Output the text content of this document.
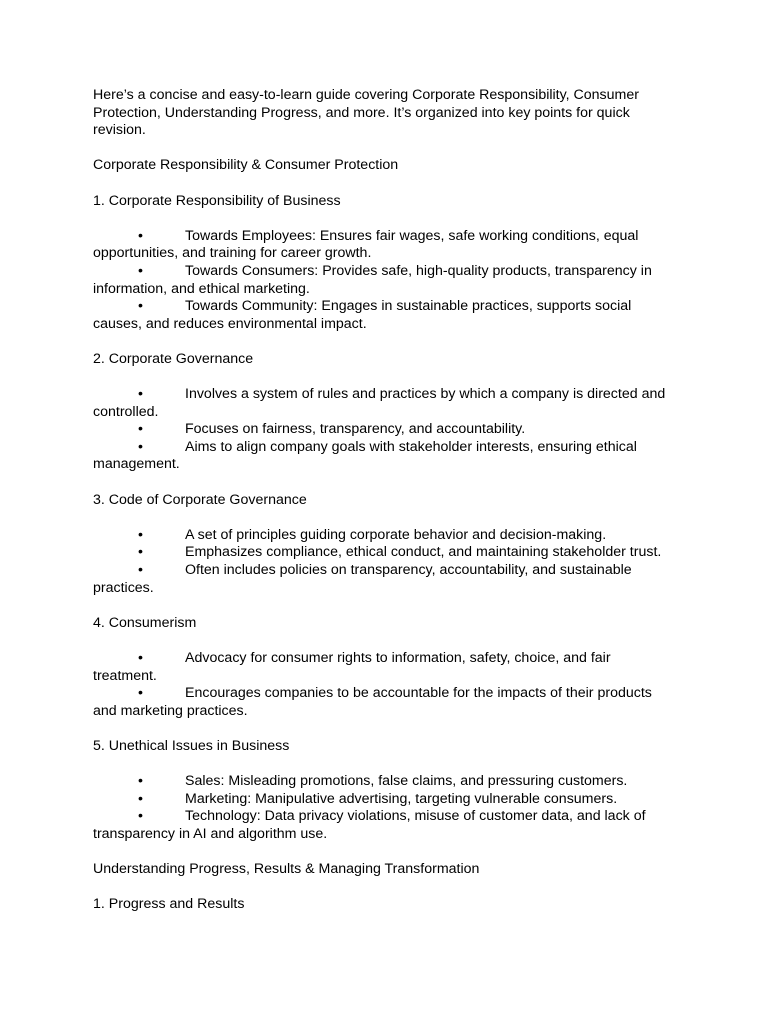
Here’s a concise and easy-to-learn guide covering Corporate Responsibility, Consumer Protection, Understanding Progress, and more. It’s organized into key points for quick revision.

Corporate Responsibility & Consumer Protection

1. Corporate Responsibility of Business

•	Towards Employees: Ensures fair wages, safe working conditions, equal opportunities, and training for career growth.

•	Towards Consumers: Provides safe, high-quality products, transparency in information, and ethical marketing.

•	Towards Community: Engages in sustainable practices, supports social causes, and reduces environmental impact.

2. Corporate Governance

•	Involves a system of rules and practices by which a company is directed and controlled.

•	Focuses on fairness, transparency, and accountability.

•	Aims to align company goals with stakeholder interests, ensuring ethical management.

3. Code of Corporate Governance

•	A set of principles guiding corporate behavior and decision-making.

•	Emphasizes compliance, ethical conduct, and maintaining stakeholder trust.

•	Often includes policies on transparency, accountability, and sustainable practices.

4. Consumerism

•	Advocacy for consumer rights to information, safety, choice, and fair treatment.

•	Encourages companies to be accountable for the impacts of their products and marketing practices.

5. Unethical Issues in Business

•	Sales: Misleading promotions, false claims, and pressuring customers.

•	Marketing: Manipulative advertising, targeting vulnerable consumers.

•	Technology: Data privacy violations, misuse of customer data, and lack of transparency in AI and algorithm use.

Understanding Progress, Results & Managing Transformation

1. Progress and Results
